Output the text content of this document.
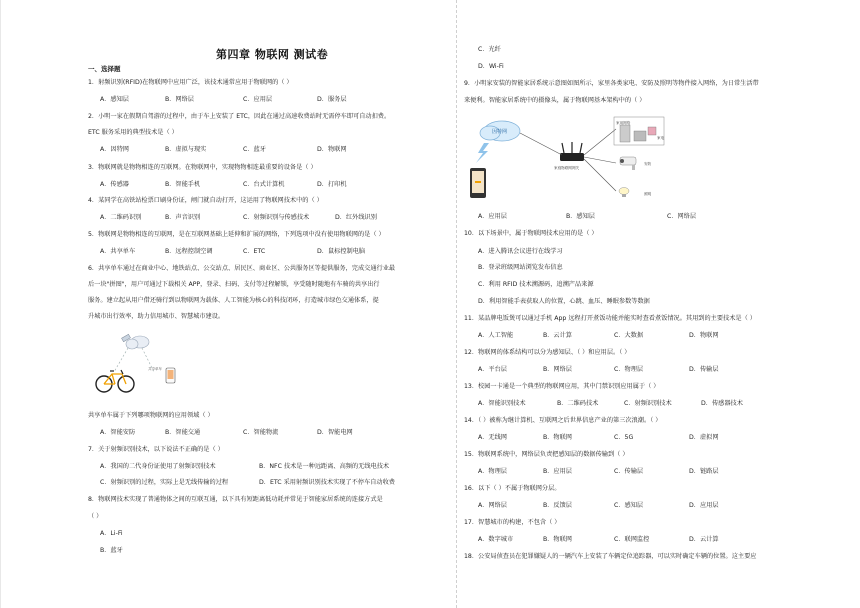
第四章 物联网 测试卷
一、选择题
1．射频识别(RFID)在物联网中应用广泛，该技术通常应用于物联网的（ ）
A．感知层	B．网络层	C．应用层	D．服务层
2．小明一家在假期自驾游的过程中，由于车上安装了 ETC，因此在通过高速收费站时无需停车即可自动扣费。
ETC 服务采用的典型技术是（ ）
A．因特网	B．虚拟与现实	C．蓝牙	D．物联网
3．物联网就是物物相连的互联网。在物联网中，实现物物相连最重要的设备是（ ）
A．传感器	B．智能手机	C．台式计算机	D．打印机
4．某同学在高铁站检票口刷身份证，闸门就自动打开，这运用了物联网技术中的（ ）
A．二维码识别	B．声音识别	C．射频识别与传感技术	D．红外线识别
5．物联网是物物相连的互联网，是在互联网基础上延伸和扩展的网络，下列选项中没有使用物联网的是（ ）
A．共享单车	B．远程控制空调	C．ETC	D．鼠标控制电脑
6．共享单车通过在商业中心、地铁站点、公交站点、居民区、商业区、公共服务区等提供服务，完成交通行业最
后一块"拼图"，用户可通过下载相关 APP，登录、扫码、支付等过程解锁，享受随时随地有车骑的共享出行
服务。建立起从用户借还骑行到以物联网为载体、人工智能为核心的科技闭环，打造城市绿色交通体系，提
升城市出行效率，助力信用城市、智慧城市建设。
共享单车
共享单车属于下列哪项物联网的应用领域（ ）
A．智能安防	B．智能交通	C．智能物流	D．智能电网
7．关于射频识别技术，以下说法不正确的是（ ）
A．我国的二代身份证使用了射频识别技术	B．NFC 技术是一种远距离、高频的无线电技术
C．射频识别的过程，实际上是无线传输的过程	D．ETC 采用射频识别技术实现了不停车自动收费
8．物联网技术实现了普通物体之间的互联互通，以下具有短距离低功耗并常见于智能家居系统的连接方式是
（ ）
A．Li-Fi
B．蓝牙
C．光纤
D．Wi-Fi
9．小明家安装的智能家居系统示意图如图所示，家里各类家电、安防及照明等物件接入网络，为日常生活带
来便利。智能家居系统中的摄像头，属于物联网基本架构中的（ ）
因特网
家庭物联网网关
家用网络
家电
安防
照明
A．应用层	B．感知层	C．网络层
10．以下场景中，属于物联网技术应用的是（ ）
A．进入腾讯会议进行在线学习
B．登录班级网站浏览发布信息
C．利用 RFID 技术溯源码，追溯产品来源
D．利用智能手表获取人的位置，心跳、血压、睡眠参数等数据
11．某品牌电饭煲可以通过手机 App 远程打开煮饭功能并能实时查看煮饭情况。其用到的主要技术是（ ）
A．人工智能	B．云计算	C．大数据	D．物联网
12．物联网的体系结构可以分为感知层、（ ）和应用层。（ ）
A．平台层	B．网络层	C．物理层	D．传输层
13．校园一卡通是一个典型的物联网应用，其中门禁识别应用属于（ ）
A．智能识别技术	B．二维码技术	C．射频识别技术	D．传感器技术
14．（ ）被称为继计算机、互联网之后世界信息产业的第三次浪潮。（ ）
A．无线网	B．物联网	C．5G	D．虚拟网
15．物联网系统中，网络层负责把感知层的数据传输到（ ）
A．物理层	B．应用层	C．传输层	D．链路层
16．以下（ ）不属于物联网分层。
A．网络层	B．反馈层	C．感知层	D．应用层
17．智慧城市的构建，不包含（ ）
A．数字城市	B．物联网	C．联网监控	D．云计算
18．公安局侦查员在犯罪嫌疑人的一辆汽车上安装了车辆定位追踪器，可以实时确定车辆的位置。这主要应
